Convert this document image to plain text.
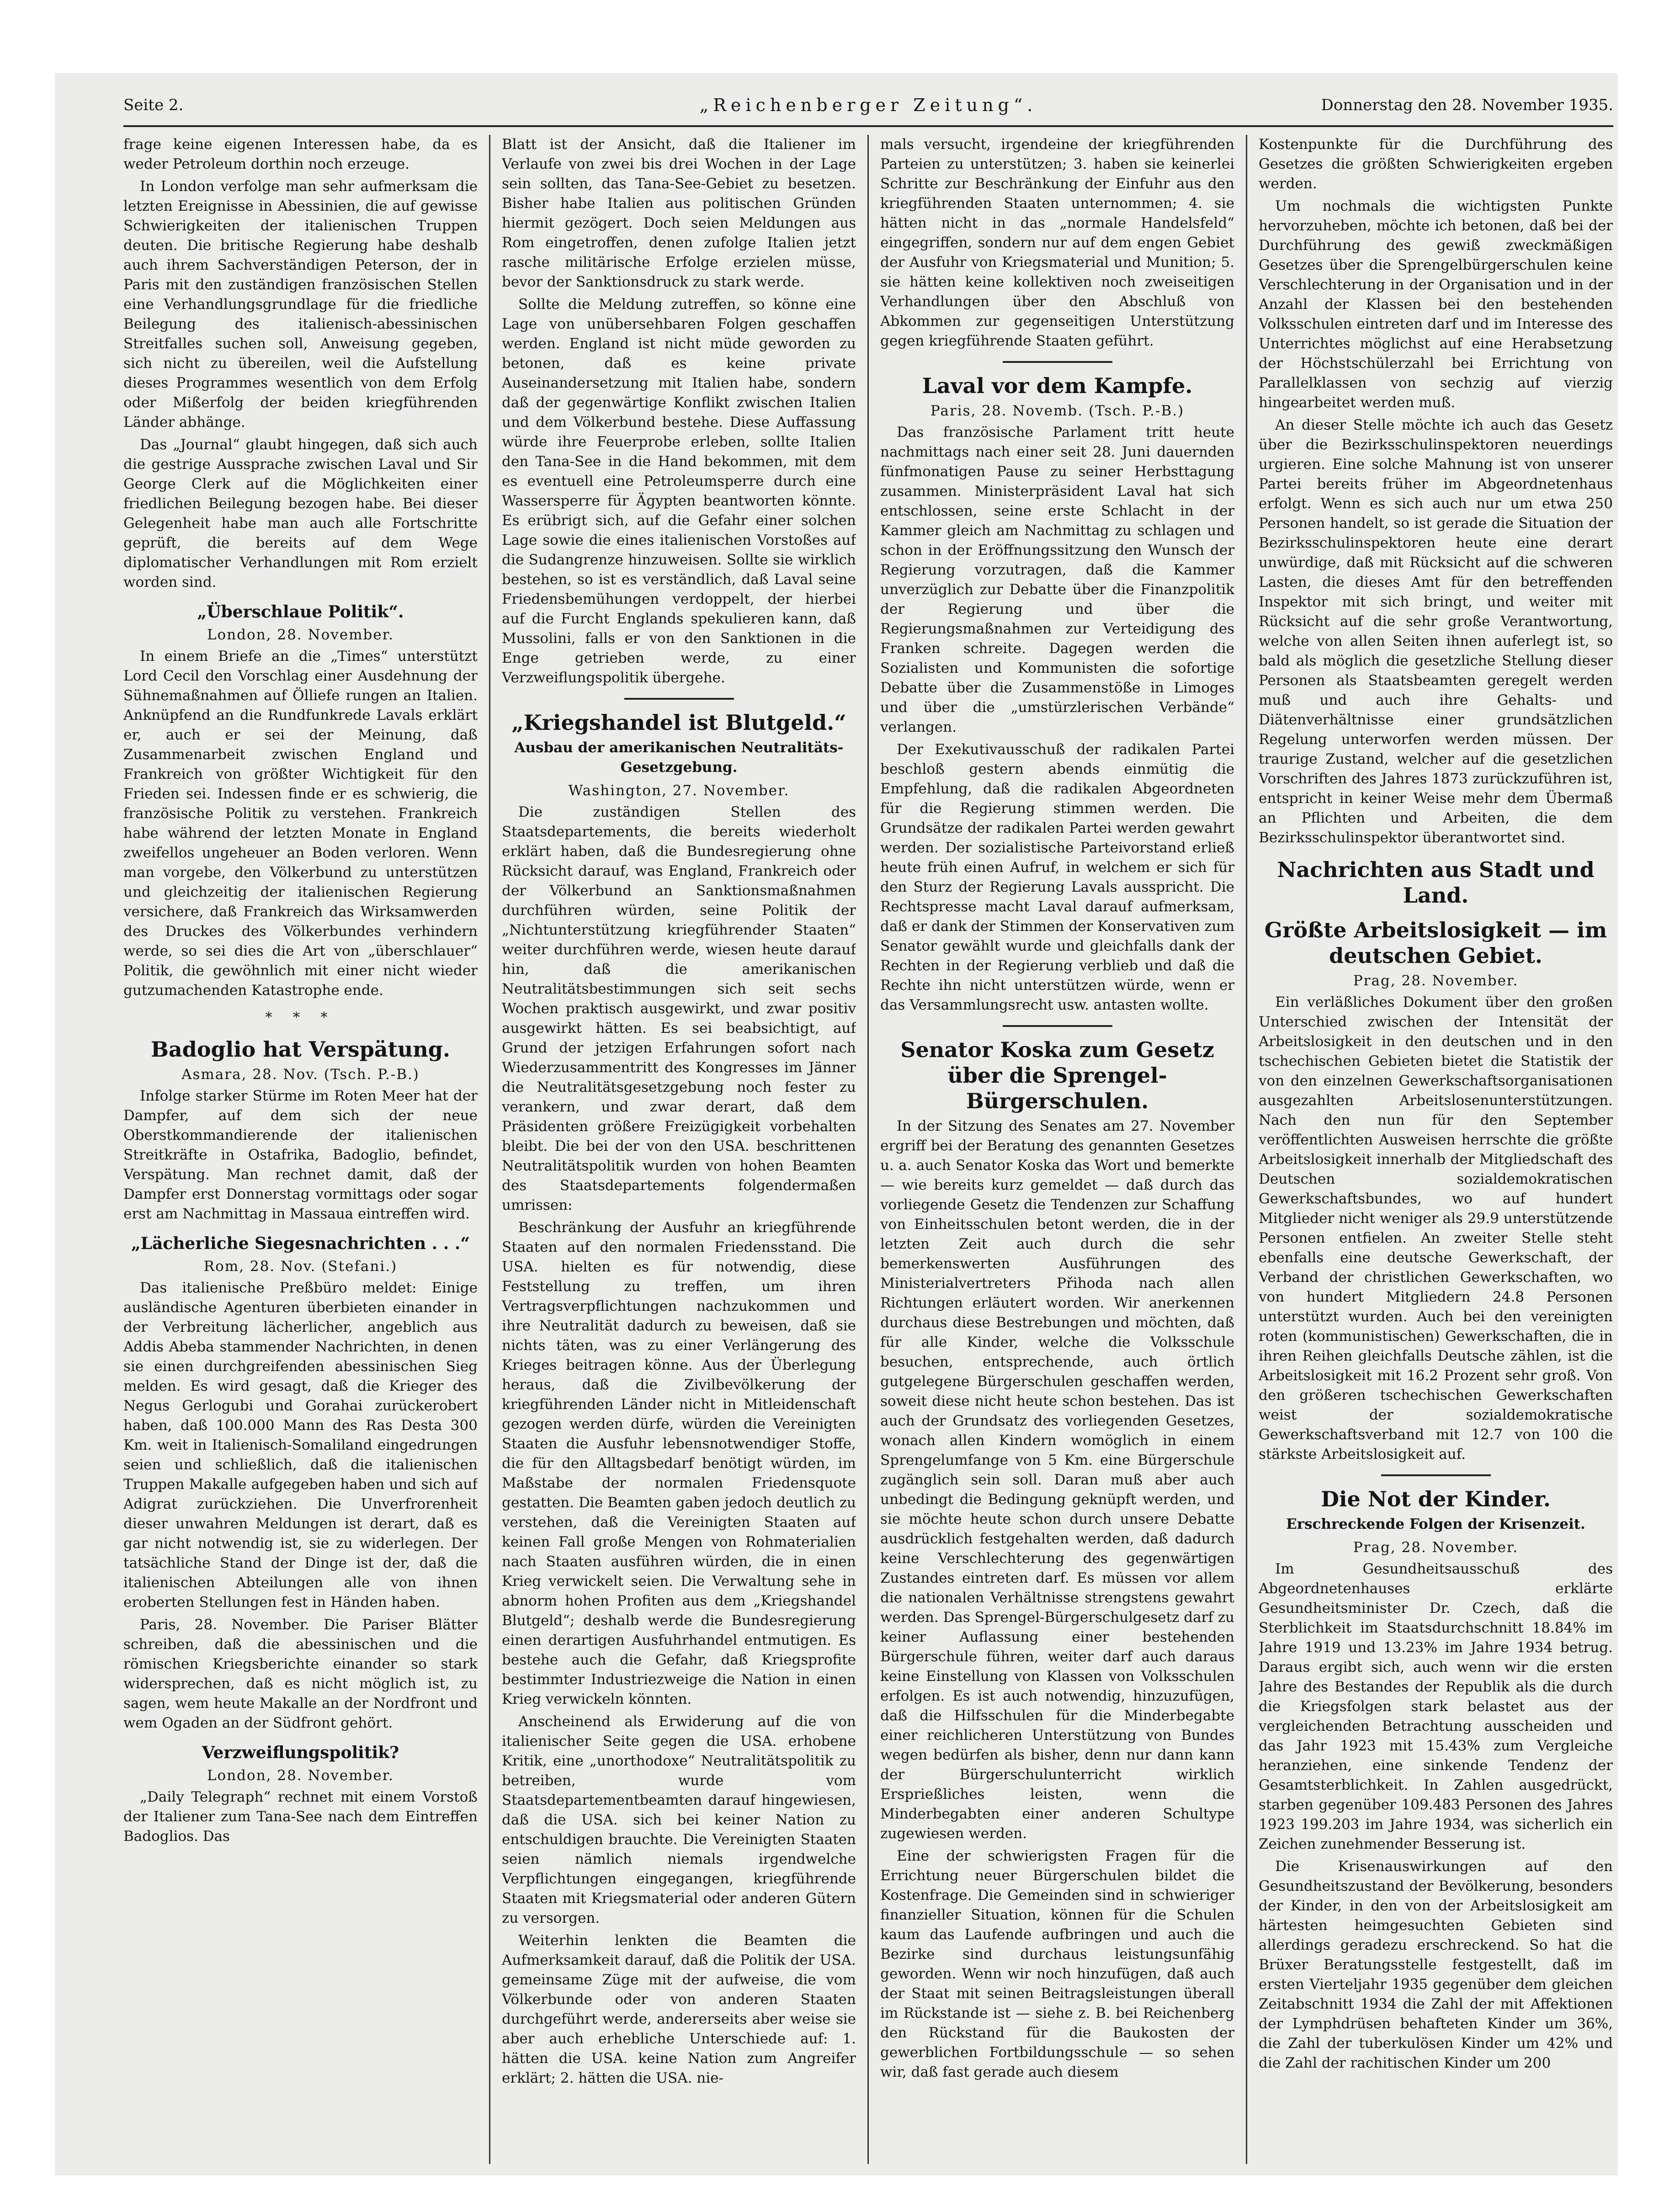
„Reichenberger Zeitung“.
Seite 2.	Donnerstag den 28. November 1935.

frage keine eigenen Interessen habe, da es weder Petroleum dorthin noch erzeuge.

In London verfolge man sehr aufmerksam die letzten Ereignisse in Abessinien, die auf gewisse Schwierigkeiten der italienischen Truppen deuten. Die britische Regierung habe deshalb auch ihrem Sachverständigen Peterson, der in Paris mit den zuständigen französischen Stellen eine Verhandlungsgrundlage für die friedliche Beilegung des italienisch-abessinischen Streitfalles suchen soll, Anweisung gegeben, sich nicht zu übereilen, weil die Aufstellung dieses Programmes wesentlich von dem Erfolg oder Mißerfolg der beiden kriegführenden Länder abhänge.

Das „Journal“ glaubt hingegen, daß sich auch die gestrige Aussprache zwischen Laval und Sir George Clerk auf die Möglichkeiten einer friedlichen Beilegung bezogen habe. Bei dieser Gelegenheit habe man auch alle Fortschritte geprüft, die bereits auf dem Wege diplomatischer Verhandlungen mit Rom erzielt worden sind.

„Überschlaue Politik“.
London, 28. November.

In einem Briefe an die „Times“ unterstützt Lord Cecil den Vorschlag einer Ausdehnung der Sühnemaßnahmen auf Ölliefe rungen an Italien. Anknüpfend an die Rundfunkrede Lavals erklärt er, auch er sei der Meinung, daß Zusammenarbeit zwischen England und Frankreich von größter Wichtigkeit für den Frieden sei. Indessen finde er es schwierig, die französische Politik zu verstehen. Frankreich habe während der letzten Monate in England zweifellos ungeheuer an Boden verloren. Wenn man vorgebe, den Völkerbund zu unterstützen und gleichzeitig der italienischen Regierung versichere, daß Frankreich das Wirksamwerden des Druckes des Völkerbundes verhindern werde, so sei dies die Art von „überschlauer“ Politik, die gewöhnlich mit einer nicht wieder gutzumachenden Katastrophe ende.

* * *
Badoglio hat Verspätung.
Asmara, 28. Nov. (Tsch. P.-B.)

Infolge starker Stürme im Roten Meer hat der Dampfer, auf dem sich der neue Oberstkommandierende der italienischen Streitkräfte in Ostafrika, Badoglio, befindet, Verspätung. Man rechnet damit, daß der Dampfer erst Donnerstag vormittags oder sogar erst am Nachmittag in Massaua eintreffen wird.

„Lächerliche Siegesnachrichten . . .“
Rom, 28. Nov. (Stefani.)

Das italienische Preßbüro meldet: Einige ausländische Agenturen überbieten einander in der Verbreitung lächerlicher, angeblich aus Addis Abeba stammender Nachrichten, in denen sie einen durchgreifenden abessinischen Sieg melden. Es wird gesagt, daß die Krieger des Negus Gerlogubi und Gorahai zurückerobert haben, daß 100.000 Mann des Ras Desta 300 Km. weit in Italienisch-Somaliland eingedrungen seien und schließlich, daß die italienischen Truppen Makalle aufgegeben haben und sich auf Adigrat zurückziehen. Die Unverfrorenheit dieser unwahren Meldungen ist derart, daß es gar nicht notwendig ist, sie zu widerlegen. Der tatsächliche Stand der Dinge ist der, daß die italienischen Abteilungen alle von ihnen eroberten Stellungen fest in Händen haben.

Paris, 28. November. Die Pariser Blätter schreiben, daß die abessinischen und die römischen Kriegsberichte einander so stark widersprechen, daß es nicht möglich ist, zu sagen, wem heute Makalle an der Nordfront und wem Ogaden an der Südfront gehört.

Verzweiflungspolitik?
London, 28. November.

„Daily Telegraph“ rechnet mit einem Vorstoß der Italiener zum Tana-See nach dem Eintreffen Badoglios. Das

Blatt ist der Ansicht, daß die Italiener im Verlaufe von zwei bis drei Wochen in der Lage sein sollten, das Tana-See-Gebiet zu besetzen. Bisher habe Italien aus politischen Gründen hiermit gezögert. Doch seien Meldungen aus Rom eingetroffen, denen zufolge Italien jetzt rasche militärische Erfolge erzielen müsse, bevor der Sanktionsdruck zu stark werde.

Sollte die Meldung zutreffen, so könne eine Lage von unübersehbaren Folgen geschaffen werden. England ist nicht müde geworden zu betonen, daß es keine private Auseinandersetzung mit Italien habe, sondern daß der gegenwärtige Konflikt zwischen Italien und dem Völkerbund bestehe. Diese Auffassung würde ihre Feuerprobe erleben, sollte Italien den Tana-See in die Hand bekommen, mit dem es eventuell eine Petroleumsperre durch eine Wassersperre für Ägypten beantworten könnte. Es erübrigt sich, auf die Gefahr einer solchen Lage sowie die eines italienischen Vorstoßes auf die Sudangrenze hinzuweisen. Sollte sie wirklich bestehen, so ist es verständlich, daß Laval seine Friedensbemühungen verdoppelt, der hierbei auf die Furcht Englands spekulieren kann, daß Mussolini, falls er von den Sanktionen in die Enge getrieben werde, zu einer Verzweiflungspolitik übergehe.

„Kriegshandel ist Blutgeld.“
Ausbau der amerikanischen Neutralitäts-Gesetzgebung.
Washington, 27. November.

Die zuständigen Stellen des Staatsdepartements, die bereits wiederholt erklärt haben, daß die Bundesregierung ohne Rücksicht darauf, was England, Frankreich oder der Völkerbund an Sanktionsmaßnahmen durchführen würden, seine Politik der „Nichtunterstützung kriegführender Staaten“ weiter durchführen werde, wiesen heute darauf hin, daß die amerikanischen Neutralitätsbestimmungen sich seit sechs Wochen praktisch ausgewirkt, und zwar positiv ausgewirkt hätten. Es sei beabsichtigt, auf Grund der jetzigen Erfahrungen sofort nach Wiederzusammentritt des Kongresses im Jänner die Neutralitätsgesetzgebung noch fester zu verankern, und zwar derart, daß dem Präsidenten größere Freizügigkeit vorbehalten bleibt. Die bei der von den USA. beschrittenen Neutralitätspolitik wurden von hohen Beamten des Staatsdepartements folgendermaßen umrissen:

Beschränkung der Ausfuhr an kriegführende Staaten auf den normalen Friedensstand. Die USA. hielten es für notwendig, diese Feststellung zu treffen, um ihren Vertragsverpflichtungen nachzukommen und ihre Neutralität dadurch zu beweisen, daß sie nichts täten, was zu einer Verlängerung des Krieges beitragen könne. Aus der Überlegung heraus, daß die Zivilbevölkerung der kriegführenden Länder nicht in Mitleidenschaft gezogen werden dürfe, würden die Vereinigten Staaten die Ausfuhr lebensnotwendiger Stoffe, die für den Alltagsbedarf benötigt würden, im Maßstabe der normalen Friedensquote gestatten. Die Beamten gaben jedoch deutlich zu verstehen, daß die Vereinigten Staaten auf keinen Fall große Mengen von Rohmaterialien nach Staaten ausführen würden, die in einen Krieg verwickelt seien. Die Verwaltung sehe in abnorm hohen Profiten aus dem „Kriegshandel Blutgeld“; deshalb werde die Bundesregierung einen derartigen Ausfuhrhandel entmutigen. Es bestehe auch die Gefahr, daß Kriegsprofite bestimmter Industriezweige die Nation in einen Krieg verwickeln könnten.

Anscheinend als Erwiderung auf die von italienischer Seite gegen die USA. erhobene Kritik, eine „unorthodoxe“ Neutralitätspolitik zu betreiben, wurde vom Staatsdepartementbeamten darauf hingewiesen, daß die USA. sich bei keiner Nation zu entschuldigen brauchte. Die Vereinigten Staaten seien nämlich niemals irgendwelche Verpflichtungen eingegangen, kriegführende Staaten mit Kriegsmaterial oder anderen Gütern zu versorgen.

Weiterhin lenkten die Beamten die Aufmerksamkeit darauf, daß die Politik der USA. gemeinsame Züge mit der aufweise, die vom Völkerbunde oder von anderen Staaten durchgeführt werde, andererseits aber weise sie aber auch erhebliche Unterschiede auf: 1. hätten die USA. keine Nation zum Angreifer erklärt; 2. hätten die USA. nie-

mals versucht, irgendeine der kriegführenden Parteien zu unterstützen; 3. haben sie keinerlei Schritte zur Beschränkung der Einfuhr aus den kriegführenden Staaten unternommen; 4. sie hätten nicht in das „normale Handelsfeld“ eingegriffen, sondern nur auf dem engen Gebiet der Ausfuhr von Kriegsmaterial und Munition; 5. sie hätten keine kollektiven noch zweiseitigen Verhandlungen über den Abschluß von Abkommen zur gegenseitigen Unterstützung gegen kriegführende Staaten geführt.

Laval vor dem Kampfe.
Paris, 28. Novemb. (Tsch. P.-B.)

Das französische Parlament tritt heute nachmittags nach einer seit 28. Juni dauernden fünfmonatigen Pause zu seiner Herbsttagung zusammen. Ministerpräsident Laval hat sich entschlossen, seine erste Schlacht in der Kammer gleich am Nachmittag zu schlagen und schon in der Eröffnungssitzung den Wunsch der Regierung vorzutragen, daß die Kammer unverzüglich zur Debatte über die Finanzpolitik der Regierung und über die Regierungsmaßnahmen zur Verteidigung des Franken schreite. Dagegen werden die Sozialisten und Kommunisten die sofortige Debatte über die Zusammenstöße in Limoges und über die „umstürzlerischen Verbände“ verlangen.

Der Exekutivausschuß der radikalen Partei beschloß gestern abends einmütig die Empfehlung, daß die radikalen Abgeordneten für die Regierung stimmen werden. Die Grundsätze der radikalen Partei werden gewahrt werden. Der sozialistische Parteivorstand erließ heute früh einen Aufruf, in welchem er sich für den Sturz der Regierung Lavals ausspricht. Die Rechtspresse macht Laval darauf aufmerksam, daß er dank der Stimmen der Konservativen zum Senator gewählt wurde und gleichfalls dank der Rechten in der Regierung verblieb und daß die Rechte ihn nicht unterstützen würde, wenn er das Versammlungsrecht usw. antasten wollte.

Senator Koska zum Gesetz über die Sprengel-Bürgerschulen.

In der Sitzung des Senates am 27. November ergriff bei der Beratung des genannten Gesetzes u. a. auch Senator Koska das Wort und bemerkte — wie bereits kurz gemeldet — daß durch das vorliegende Gesetz die Tendenzen zur Schaffung von Einheitsschulen betont werden, die in der letzten Zeit auch durch die sehr bemerkenswerten Ausführungen des Ministerialvertreters Přihoda nach allen Richtungen erläutert worden. Wir anerkennen durchaus diese Bestrebungen und möchten, daß für alle Kinder, welche die Volksschule besuchen, entsprechende, auch örtlich gutgelegene Bürgerschulen geschaffen werden, soweit diese nicht heute schon bestehen. Das ist auch der Grundsatz des vorliegenden Gesetzes, wonach allen Kindern womöglich in einem Sprengelumfange von 5 Km. eine Bürgerschule zugänglich sein soll. Daran muß aber auch unbedingt die Bedingung geknüpft werden, und sie möchte heute schon durch unsere Debatte ausdrücklich festgehalten werden, daß dadurch keine Verschlechterung des gegenwärtigen Zustandes eintreten darf. Es müssen vor allem die nationalen Verhältnisse strengstens gewahrt werden. Das Sprengel-Bürgerschulgesetz darf zu keiner Auflassung einer bestehenden Bürgerschule führen, weiter darf auch daraus keine Einstellung von Klassen von Volksschulen erfolgen. Es ist auch notwendig, hinzuzufügen, daß die Hilfsschulen für die Minderbegabte einer reichlicheren Unterstützung von Bundes wegen bedürfen als bisher, denn nur dann kann der Bürgerschulunterricht wirklich Ersprießliches leisten, wenn die Minderbegabten einer anderen Schultype zugewiesen werden.

Eine der schwierigsten Fragen für die Errichtung neuer Bürgerschulen bildet die Kostenfrage. Die Gemeinden sind in schwieriger finanzieller Situation, können für die Schulen kaum das Laufende aufbringen und auch die Bezirke sind durchaus leistungsunfähig geworden. Wenn wir noch hinzufügen, daß auch der Staat mit seinen Beitragsleistungen überall im Rückstande ist — siehe z. B. bei Reichenberg den Rückstand für die Baukosten der gewerblichen Fortbildungsschule — so sehen wir, daß fast gerade auch diesem

Kostenpunkte für die Durchführung des Gesetzes die größten Schwierigkeiten ergeben werden.

Um nochmals die wichtigsten Punkte hervorzuheben, möchte ich betonen, daß bei der Durchführung des gewiß zweckmäßigen Gesetzes über die Sprengelbürgerschulen keine Verschlechterung in der Organisation und in der Anzahl der Klassen bei den bestehenden Volksschulen eintreten darf und im Interesse des Unterrichtes möglichst auf eine Herabsetzung der Höchstschülerzahl bei Errichtung von Parallelklassen von sechzig auf vierzig hingearbeitet werden muß.

An dieser Stelle möchte ich auch das Gesetz über die Bezirksschulinspektoren neuerdings urgieren. Eine solche Mahnung ist von unserer Partei bereits früher im Abgeordnetenhaus erfolgt. Wenn es sich auch nur um etwa 250 Personen handelt, so ist gerade die Situation der Bezirksschulinspektoren heute eine derart unwürdige, daß mit Rücksicht auf die schweren Lasten, die dieses Amt für den betreffenden Inspektor mit sich bringt, und weiter mit Rücksicht auf die sehr große Verantwortung, welche von allen Seiten ihnen auferlegt ist, so bald als möglich die gesetzliche Stellung dieser Personen als Staatsbeamten geregelt werden muß und auch ihre Gehalts- und Diätenverhältnisse einer grundsätzlichen Regelung unterworfen werden müssen. Der traurige Zustand, welcher auf die gesetzlichen Vorschriften des Jahres 1873 zurückzuführen ist, entspricht in keiner Weise mehr dem Übermaß an Pflichten und Arbeiten, die dem Bezirksschulinspektor überantwortet sind.

Nachrichten aus Stadt und Land.
Größte Arbeitslosigkeit — im deutschen Gebiet.
Prag, 28. November.

Ein verläßliches Dokument über den großen Unterschied zwischen der Intensität der Arbeitslosigkeit in den deutschen und in den tschechischen Gebieten bietet die Statistik der von den einzelnen Gewerkschaftsorganisationen ausgezahlten Arbeitslosenunterstützungen. Nach den nun für den September veröffentlichten Ausweisen herrschte die größte Arbeitslosigkeit innerhalb der Mitgliedschaft des Deutschen sozialdemokratischen Gewerkschaftsbundes, wo auf hundert Mitglieder nicht weniger als 29.9 unterstützende Personen entfielen. An zweiter Stelle steht ebenfalls eine deutsche Gewerkschaft, der Verband der christlichen Gewerkschaften, wo von hundert Mitgliedern 24.8 Personen unterstützt wurden. Auch bei den vereinigten roten (kommunistischen) Gewerkschaften, die in ihren Reihen gleichfalls Deutsche zählen, ist die Arbeitslosigkeit mit 16.2 Prozent sehr groß. Von den größeren tschechischen Gewerkschaften weist der sozialdemokratische Gewerkschaftsverband mit 12.7 von 100 die stärkste Arbeitslosigkeit auf.

Die Not der Kinder.
Erschreckende Folgen der Krisenzeit.
Prag, 28. November.

Im Gesundheitsausschuß des Abgeordnetenhauses erklärte Gesundheitsminister Dr. Czech, daß die Sterblichkeit im Staatsdurchschnitt 18.84% im Jahre 1919 und 13.23% im Jahre 1934 betrug. Daraus ergibt sich, auch wenn wir die ersten Jahre des Bestandes der Republik als die durch die Kriegsfolgen stark belastet aus der vergleichenden Betrachtung ausscheiden und das Jahr 1923 mit 15.43% zum Vergleiche heranziehen, eine sinkende Tendenz der Gesamtsterblichkeit. In Zahlen ausgedrückt, starben gegenüber 109.483 Personen des Jahres 1923 199.203 im Jahre 1934, was sicherlich ein Zeichen zunehmender Besserung ist.

Die Krisenauswirkungen auf den Gesundheitszustand der Bevölkerung, besonders der Kinder, in den von der Arbeitslosigkeit am härtesten heimgesuchten Gebieten sind allerdings geradezu erschreckend. So hat die Brüxer Beratungsstelle festgestellt, daß im ersten Vierteljahr 1935 gegenüber dem gleichen Zeitabschnitt 1934 die Zahl der mit Affektionen der Lymphdrüsen behafteten Kinder um 36%, die Zahl der tuberkulösen Kinder um 42% und die Zahl der rachitischen Kinder um 200
